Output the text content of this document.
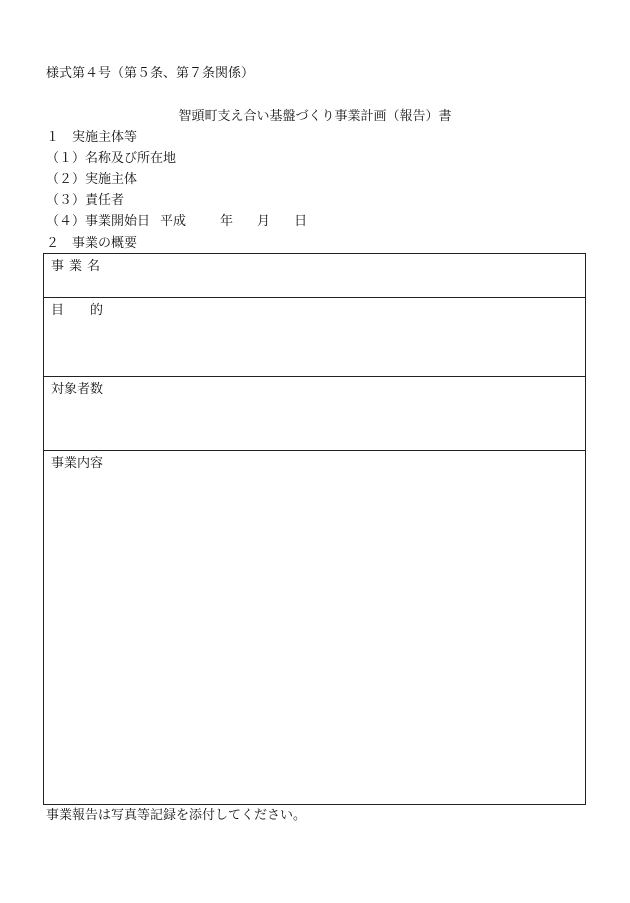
様式第４号（第５条、第７条関係）
智頭町支え合い基盤づくり事業計画（報告）書
１　実施主体等
（１）名称及び所在地
（２）実施主体
（３）責任者
（４）事業開始日 平成	年 月 日
２　事業の概要
事業名
目的
対象者数
事業内容
事業報告は写真等記録を添付してください。
